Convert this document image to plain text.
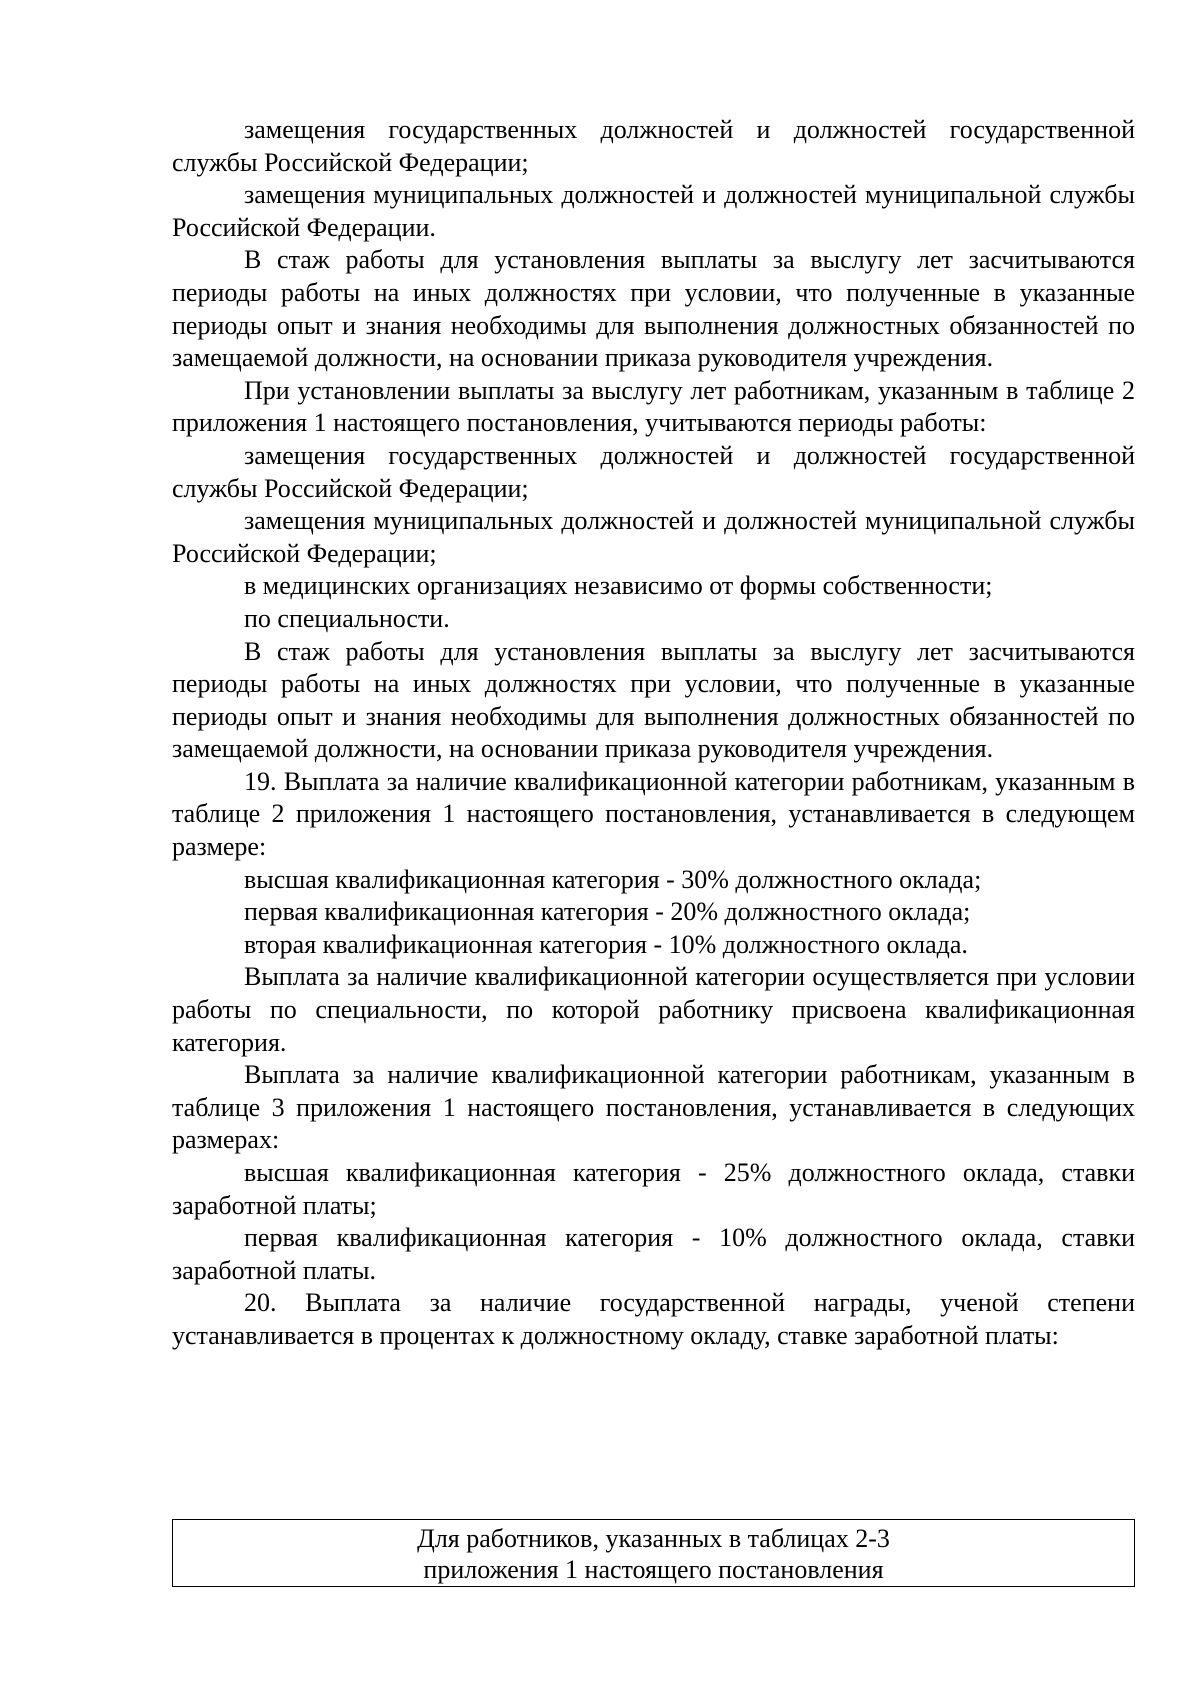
замещения государственных должностей и должностей государственной службы Российской Федерации;

замещения муниципальных должностей и должностей муниципальной службы Российской Федерации.

В стаж работы для установления выплаты за выслугу лет засчитываются периоды работы на иных должностях при условии, что полученные в указанные периоды опыт и знания необходимы для выполнения должностных обязанностей по замещаемой должности, на основании приказа руководителя учреждения.

При установлении выплаты за выслугу лет работникам, указанным в таблице 2 приложения 1 настоящего постановления, учитываются периоды работы:

замещения государственных должностей и должностей государственной службы Российской Федерации;

замещения муниципальных должностей и должностей муниципальной службы Российской Федерации;

в медицинских организациях независимо от формы собственности;

по специальности.

В стаж работы для установления выплаты за выслугу лет засчитываются периоды работы на иных должностях при условии, что полученные в указанные периоды опыт и знания необходимы для выполнения должностных обязанностей по замещаемой должности, на основании приказа руководителя учреждения.

19. Выплата за наличие квалификационной категории работникам, указанным в таблице 2 приложения 1 настоящего постановления, устанавливается в следующем размере:

высшая квалификационная категория - 30% должностного оклада;

первая квалификационная категория - 20% должностного оклада;

вторая квалификационная категория - 10% должностного оклада.

Выплата за наличие квалификационной категории осуществляется при условии работы по специальности, по которой работнику присвоена квалификационная категория.

Выплата за наличие квалификационной категории работникам, указанным в таблице 3 приложения 1 настоящего постановления, устанавливается в следующих размерах:

высшая квалификационная категория - 25% должностного оклада, ставки заработной платы;

первая квалификационная категория - 10% должностного оклада, ставки заработной платы.

20. Выплата за наличие государственной награды, ученой степени устанавливается в процентах к должностному окладу, ставке заработной платы:

Для работников, указанных в таблицах 2-3
приложения 1 настоящего постановления
